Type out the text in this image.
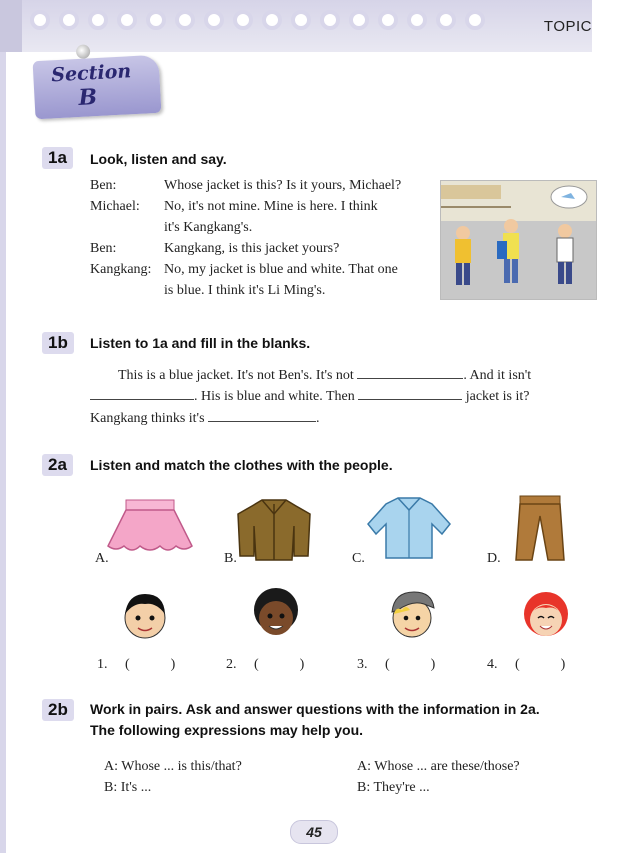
TOPIC
Section
B
1a	Look, listen and say.
Ben:	Whose jacket is this? Is it yours, Michael?
Michael: No, it's not mine. Mine is here. I think
it's Kangkang's.
Ben:	Kangkang, is this jacket yours?
Kangkang: No, my jacket is blue and white. That one
is blue. I think it's Li Ming's.
1b	Listen to 1a and fill in the blanks.
This is a blue jacket. It's not Ben's. It's not	. And it isn't
. His is blue and white. Then	jacket is it?
Kangkang thinks it's	.
2a	Listen and match the clothes with the people.
A.	B.	C.	D.
1. (	)	2. (	)	3. (	)	4. (	)
2b	Work in pairs. Ask and answer questions with the information in 2a.
The following expressions may help you.
A: Whose ... is this/that?
B: It's ...
A: Whose ... are these/those?
B: They're ...
45
